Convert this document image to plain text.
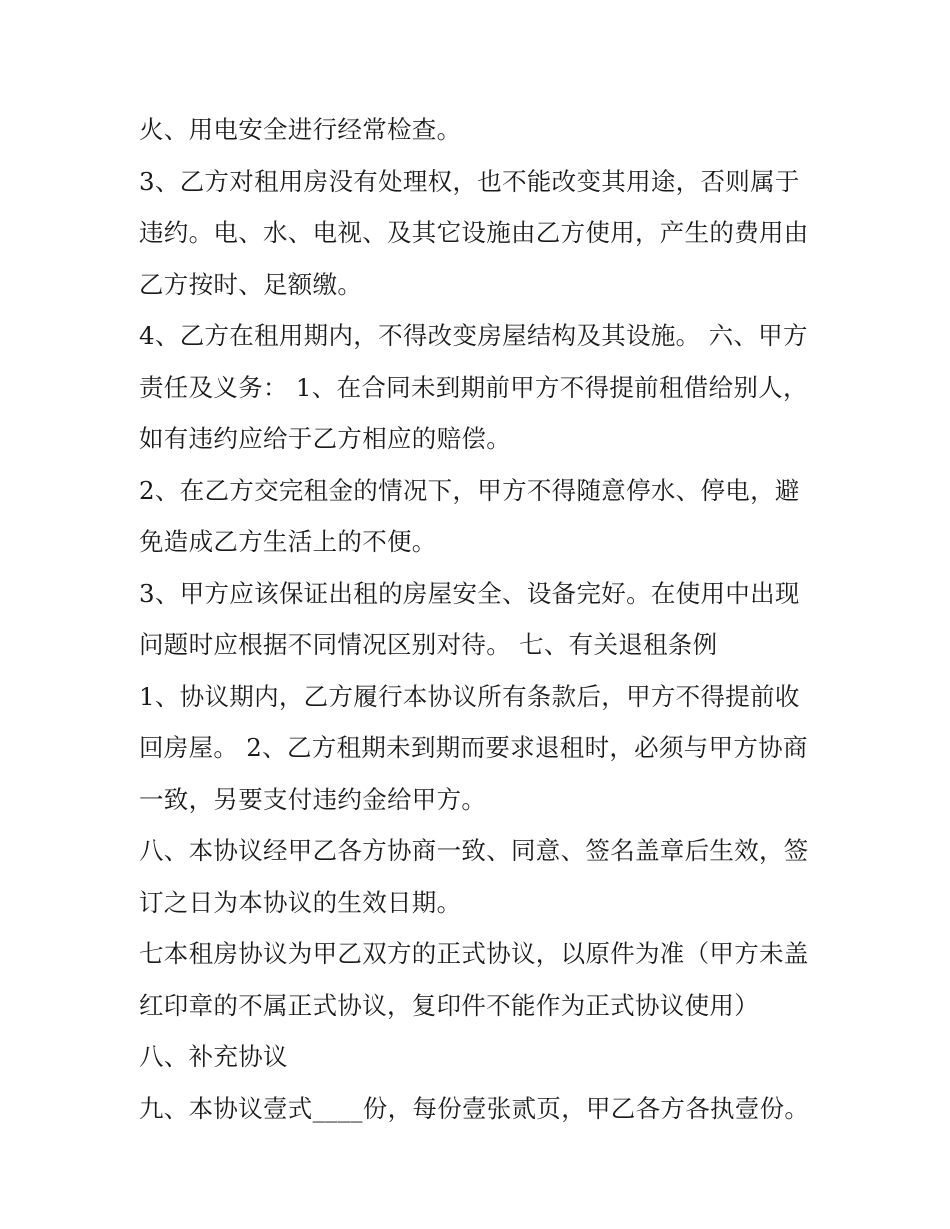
火、用电安全进行经常检查。
3、乙方对租用房没有处理权，也不能改变其用途，否则属于
违约。电、水、电视、及其它设施由乙方使用，产生的费用由
乙方按时、足额缴。
4、乙方在租用期内，不得改变房屋结构及其设施。 六、甲方
责任及义务： 1、在合同未到期前甲方不得提前租借给别人，
如有违约应给于乙方相应的赔偿。
2、在乙方交完租金的情况下，甲方不得随意停水、停电，避
免造成乙方生活上的不便。
3、甲方应该保证出租的房屋安全、设备完好。在使用中出现
问题时应根据不同情况区别对待。 七、有关退租条例
1、协议期内，乙方履行本协议所有条款后，甲方不得提前收
回房屋。 2、乙方租期未到期而要求退租时，必须与甲方协商
一致，另要支付违约金给甲方。
八、本协议经甲乙各方协商一致、同意、签名盖章后生效，签
订之日为本协议的生效日期。
七本租房协议为甲乙双方的正式协议，以原件为准（甲方未盖
红印章的不属正式协议，复印件不能作为正式协议使用）
八、补充协议
九、本协议壹式____份，每份壹张贰页，甲乙各方各执壹份。
